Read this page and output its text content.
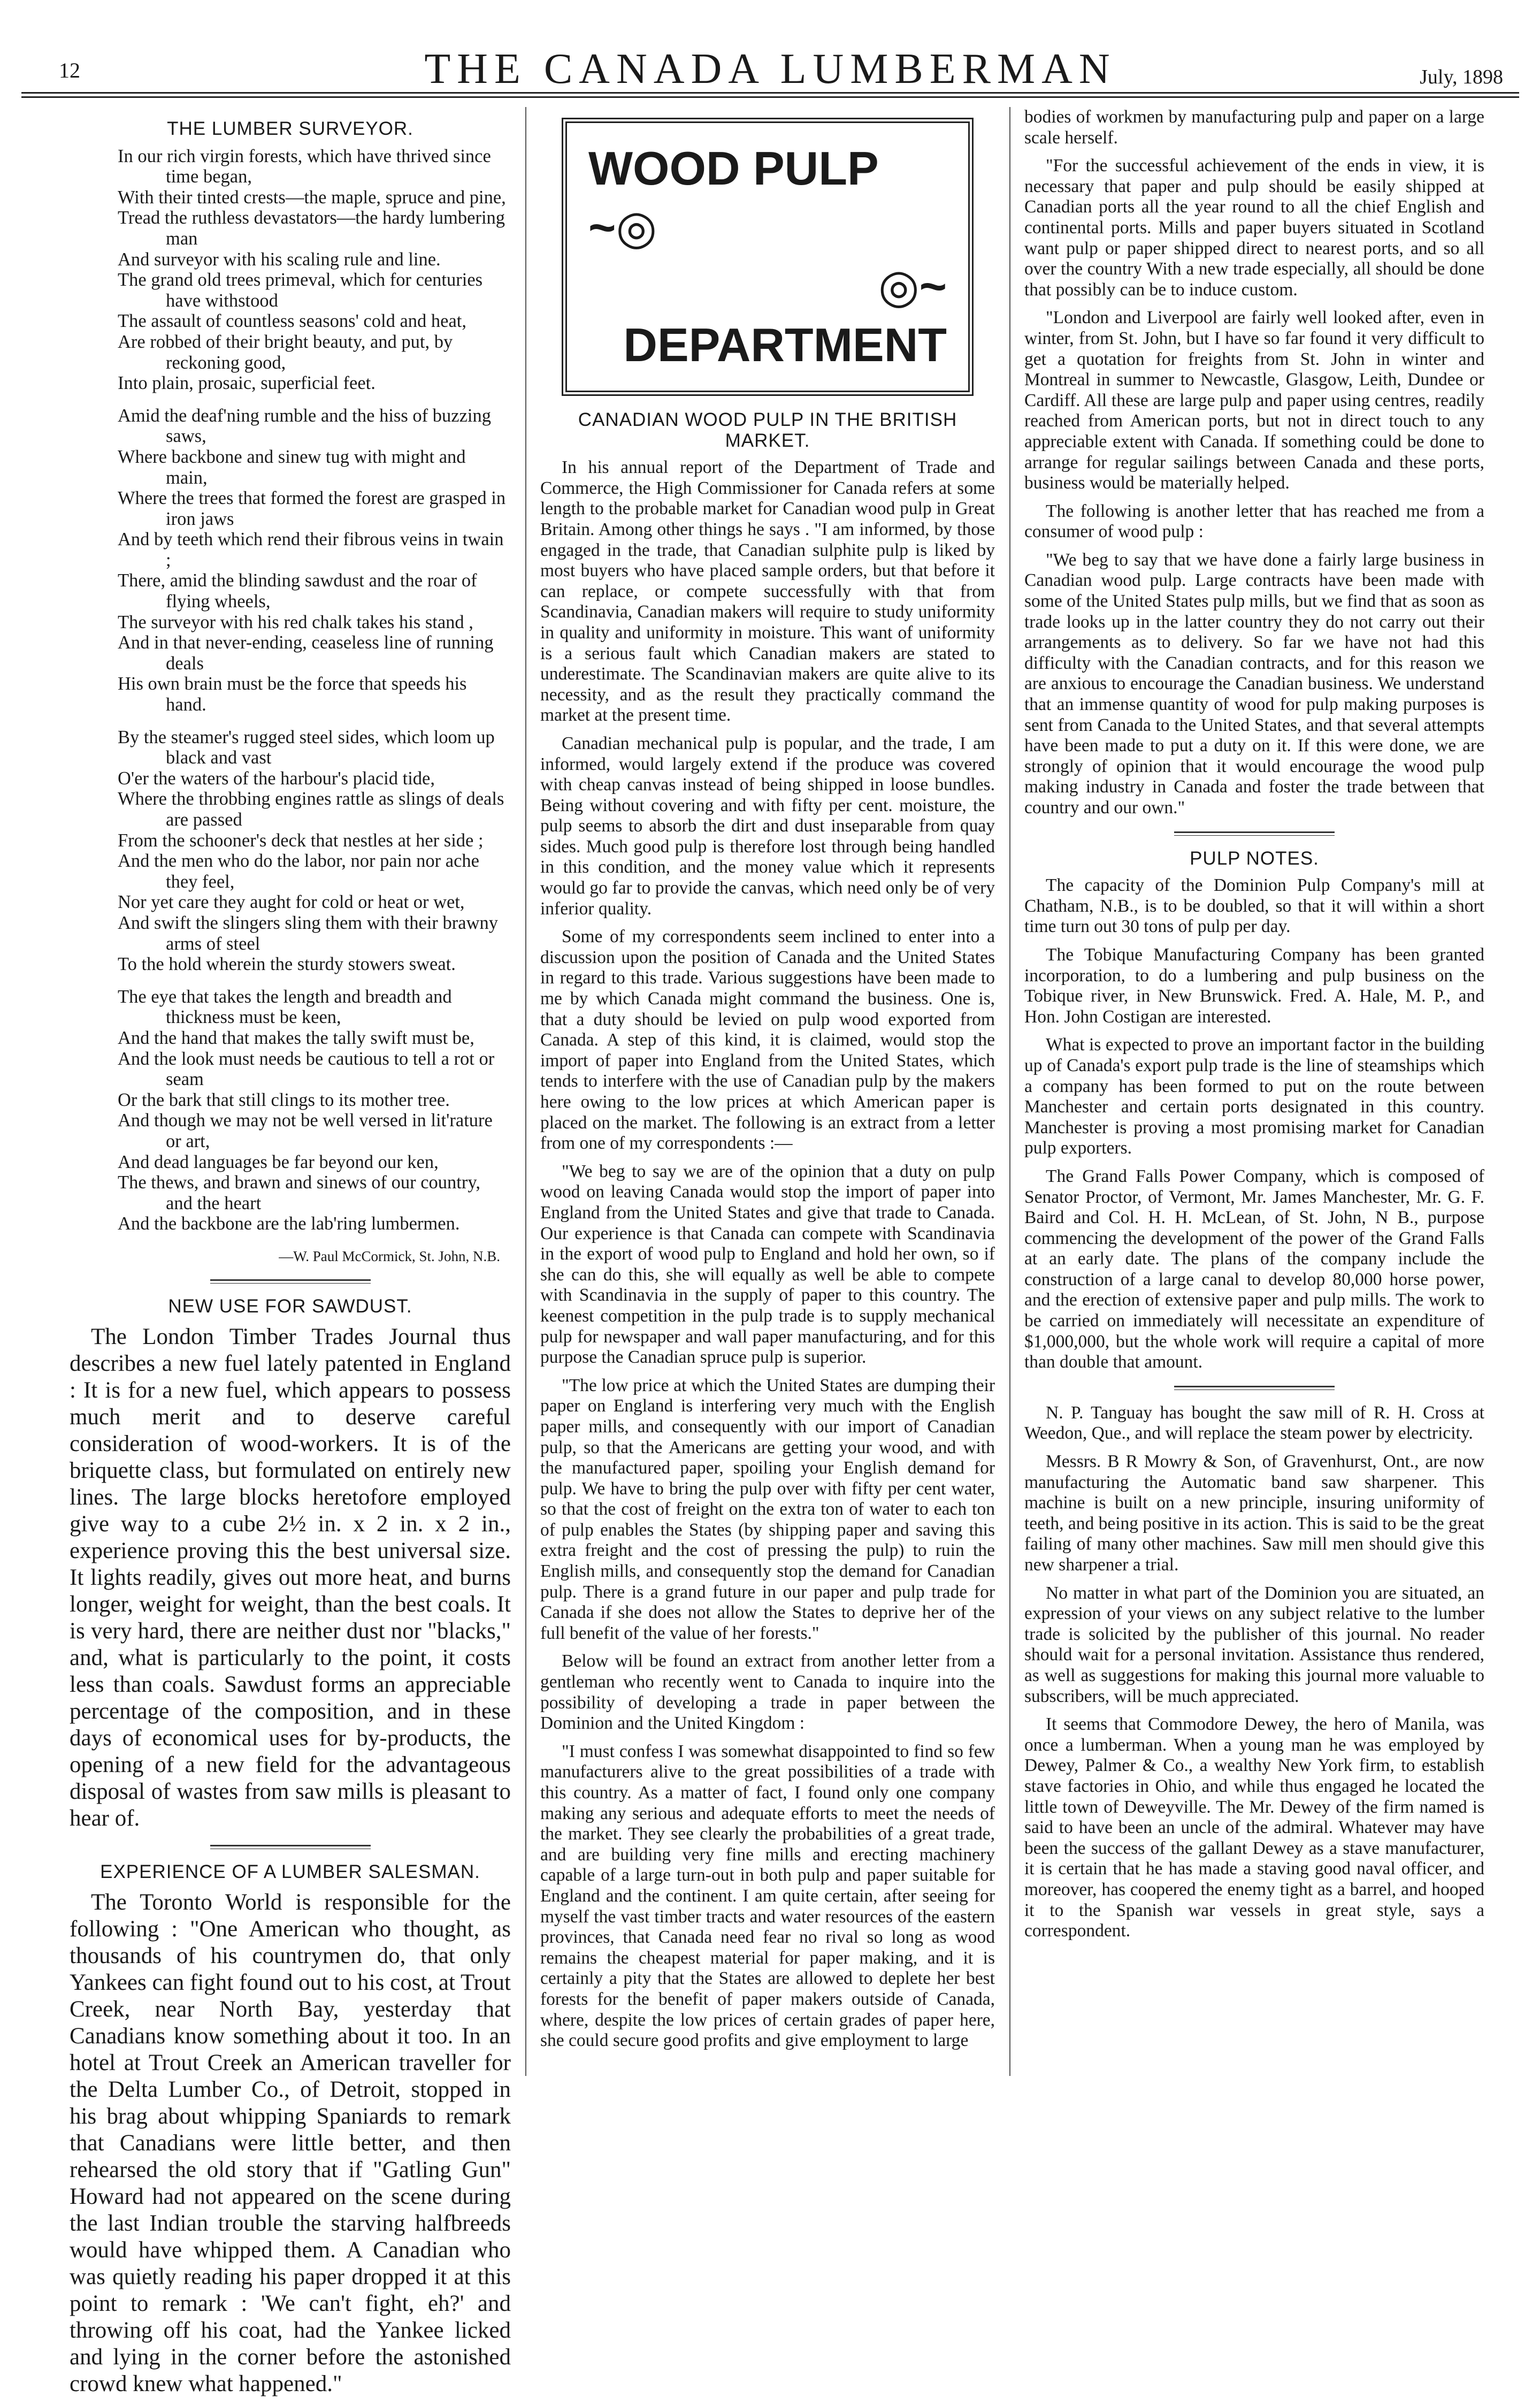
12	THE CANADA LUMBERMAN	July, 1898
THE LUMBER SURVEYOR.
In our rich virgin forests, which have thrived since time began,
With their tinted crests—the maple, spruce and pine,
Tread the ruthless devastators—the hardy lumbering man
And surveyor with his scaling rule and line.
The grand old trees primeval, which for centuries have withstood
The assault of countless seasons' cold and heat,
Are robbed of their bright beauty, and put, by reckoning good,
Into plain, prosaic, superficial feet.
Amid the deaf'ning rumble and the hiss of buzzing saws,
Where backbone and sinew tug with might and main,
Where the trees that formed the forest are grasped in iron jaws
And by teeth which rend their fibrous veins in twain ;
There, amid the blinding sawdust and the roar of flying wheels,
The surveyor with his red chalk takes his stand ,
And in that never-ending, ceaseless line of running deals
His own brain must be the force that speeds his hand.
By the steamer's rugged steel sides, which loom up black and vast
O'er the waters of the harbour's placid tide,
Where the throbbing engines rattle as slings of deals are passed
From the schooner's deck that nestles at her side ;
And the men who do the labor, nor pain nor ache they feel,
Nor yet care they aught for cold or heat or wet,
And swift the slingers sling them with their brawny arms of steel
To the hold wherein the sturdy stowers sweat.
The eye that takes the length and breadth and thickness must be keen,
And the hand that makes the tally swift must be,
And the look must needs be cautious to tell a rot or seam
Or the bark that still clings to its mother tree.
And though we may not be well versed in lit'rature or art,
And dead languages be far beyond our ken,
The thews, and brawn and sinews of our country, and the heart
And the backbone are the lab'ring lumbermen.
—W. Paul McCormick, St. John, N.B.
NEW USE FOR SAWDUST.

The London Timber Trades Journal thus describes a new fuel lately patented in England : It is for a new fuel, which appears to possess much merit and to deserve careful consideration of wood-workers. It is of the briquette class, but formulated on entirely new lines. The large blocks heretofore employed give way to a cube 2½ in. x 2 in. x 2 in., experience proving this the best universal size. It lights readily, gives out more heat, and burns longer, weight for weight, than the best coals. It is very hard, there are neither dust nor "blacks," and, what is particularly to the point, it costs less than coals. Sawdust forms an appreciable percentage of the composition, and in these days of economical uses for by-products, the opening of a new field for the advantageous disposal of wastes from saw mills is pleasant to hear of.

EXPERIENCE OF A LUMBER SALESMAN.

The Toronto World is responsible for the following : "One American who thought, as thousands of his countrymen do, that only Yankees can fight found out to his cost, at Trout Creek, near North Bay, yesterday that Canadians know something about it too. In an hotel at Trout Creek an American traveller for the Delta Lumber Co., of Detroit, stopped in his brag about whipping Spaniards to remark that Canadians were little better, and then rehearsed the old story that if "Gatling Gun" Howard had not appeared on the scene during the last Indian trouble the starving halfbreeds would have whipped them. A Canadian who was quietly reading his paper dropped it at this point to remark : 'We can't fight, eh?' and throwing off his coat, had the Yankee licked and lying in the corner before the astonished crowd knew what happened."

WOOD PULP ~◎
◎~ DEPARTMENT
CANADIAN WOOD PULP IN THE BRITISH MARKET.

In his annual report of the Department of Trade and Commerce, the High Commissioner for Canada refers at some length to the probable market for Canadian wood pulp in Great Britain. Among other things he says . "I am informed, by those engaged in the trade, that Canadian sulphite pulp is liked by most buyers who have placed sample orders, but that before it can replace, or compete successfully with that from Scandinavia, Canadian makers will require to study uniformity in quality and uniformity in moisture. This want of uniformity is a serious fault which Canadian makers are stated to underestimate. The Scandinavian makers are quite alive to its necessity, and as the result they practically command the market at the present time.

Canadian mechanical pulp is popular, and the trade, I am informed, would largely extend if the produce was covered with cheap canvas instead of being shipped in loose bundles. Being without covering and with fifty per cent. moisture, the pulp seems to absorb the dirt and dust inseparable from quay sides. Much good pulp is therefore lost through being handled in this condition, and the money value which it represents would go far to provide the canvas, which need only be of very inferior quality.

Some of my correspondents seem inclined to enter into a discussion upon the position of Canada and the United States in regard to this trade. Various suggestions have been made to me by which Canada might command the business. One is, that a duty should be levied on pulp wood exported from Canada. A step of this kind, it is claimed, would stop the import of paper into England from the United States, which tends to interfere with the use of Canadian pulp by the makers here owing to the low prices at which American paper is placed on the market. The following is an extract from a letter from one of my correspondents :—

"We beg to say we are of the opinion that a duty on pulp wood on leaving Canada would stop the import of paper into England from the United States and give that trade to Canada. Our experience is that Canada can compete with Scandinavia in the export of wood pulp to England and hold her own, so if she can do this, she will equally as well be able to compete with Scandinavia in the supply of paper to this country. The keenest competition in the pulp trade is to supply mechanical pulp for newspaper and wall paper manufacturing, and for this purpose the Canadian spruce pulp is superior.

"The low price at which the United States are dumping their paper on England is interfering very much with the English paper mills, and consequently with our import of Canadian pulp, so that the Americans are getting your wood, and with the manufactured paper, spoiling your English demand for pulp. We have to bring the pulp over with fifty per cent water, so that the cost of freight on the extra ton of water to each ton of pulp enables the States (by shipping paper and saving this extra freight and the cost of pressing the pulp) to ruin the English mills, and consequently stop the demand for Canadian pulp. There is a grand future in our paper and pulp trade for Canada if she does not allow the States to deprive her of the full benefit of the value of her forests."

Below will be found an extract from another letter from a gentleman who recently went to Canada to inquire into the possibility of developing a trade in paper between the Dominion and the United Kingdom :

"I must confess I was somewhat disappointed to find so few manufacturers alive to the great possibilities of a trade with this country. As a matter of fact, I found only one company making any serious and adequate efforts to meet the needs of the market. They see clearly the probabilities of a great trade, and are building very fine mills and erecting machinery capable of a large turn-out in both pulp and paper suitable for England and the continent. I am quite certain, after seeing for myself the vast timber tracts and water resources of the eastern provinces, that Canada need fear no rival so long as wood remains the cheapest material for paper making, and it is certainly a pity that the States are allowed to deplete her best forests for the benefit of paper makers outside of Canada, where, despite the low prices of certain grades of paper here, she could secure good profits and give employment to large

bodies of workmen by manufacturing pulp and paper on a large scale herself.

"For the successful achievement of the ends in view, it is necessary that paper and pulp should be easily shipped at Canadian ports all the year round to all the chief English and continental ports. Mills and paper buyers situated in Scotland want pulp or paper shipped direct to nearest ports, and so all over the country With a new trade especially, all should be done that possibly can be to induce custom.

"London and Liverpool are fairly well looked after, even in winter, from St. John, but I have so far found it very difficult to get a quotation for freights from St. John in winter and Montreal in summer to Newcastle, Glasgow, Leith, Dundee or Cardiff. All these are large pulp and paper using centres, readily reached from American ports, but not in direct touch to any appreciable extent with Canada. If something could be done to arrange for regular sailings between Canada and these ports, business would be materially helped.

The following is another letter that has reached me from a consumer of wood pulp :

"We beg to say that we have done a fairly large business in Canadian wood pulp. Large contracts have been made with some of the United States pulp mills, but we find that as soon as trade looks up in the latter country they do not carry out their arrangements as to delivery. So far we have not had this difficulty with the Canadian contracts, and for this reason we are anxious to encourage the Canadian business. We understand that an immense quantity of wood for pulp making purposes is sent from Canada to the United States, and that several attempts have been made to put a duty on it. If this were done, we are strongly of opinion that it would encourage the wood pulp making industry in Canada and foster the trade between that country and our own."

PULP NOTES.

The capacity of the Dominion Pulp Company's mill at Chatham, N.B., is to be doubled, so that it will within a short time turn out 30 tons of pulp per day.

The Tobique Manufacturing Company has been granted incorporation, to do a lumbering and pulp business on the Tobique river, in New Brunswick. Fred. A. Hale, M. P., and Hon. John Costigan are interested.

What is expected to prove an important factor in the building up of Canada's export pulp trade is the line of steamships which a company has been formed to put on the route between Manchester and certain ports designated in this country. Manchester is proving a most promising market for Canadian pulp exporters.

The Grand Falls Power Company, which is composed of Senator Proctor, of Vermont, Mr. James Manchester, Mr. G. F. Baird and Col. H. H. McLean, of St. John, N B., purpose commencing the development of the power of the Grand Falls at an early date. The plans of the company include the construction of a large canal to develop 80,000 horse power, and the erection of extensive paper and pulp mills. The work to be carried on immediately will necessitate an expenditure of $1,000,000, but the whole work will require a capital of more than double that amount.

N. P. Tanguay has bought the saw mill of R. H. Cross at Weedon, Que., and will replace the steam power by electricity.

Messrs. B R Mowry & Son, of Gravenhurst, Ont., are now manufacturing the Automatic band saw sharpener. This machine is built on a new principle, insuring uniformity of teeth, and being positive in its action. This is said to be the great failing of many other machines. Saw mill men should give this new sharpener a trial.

No matter in what part of the Dominion you are situated, an expression of your views on any subject relative to the lumber trade is solicited by the publisher of this journal. No reader should wait for a personal invitation. Assistance thus rendered, as well as suggestions for making this journal more valuable to subscribers, will be much appreciated.

It seems that Commodore Dewey, the hero of Manila, was once a lumberman. When a young man he was employed by Dewey, Palmer & Co., a wealthy New York firm, to establish stave factories in Ohio, and while thus engaged he located the little town of Deweyville. The Mr. Dewey of the firm named is said to have been an uncle of the admiral. Whatever may have been the success of the gallant Dewey as a stave manufacturer, it is certain that he has made a staving good naval officer, and moreover, has coopered the enemy tight as a barrel, and hooped it to the Spanish war vessels in great style, says a correspondent.
